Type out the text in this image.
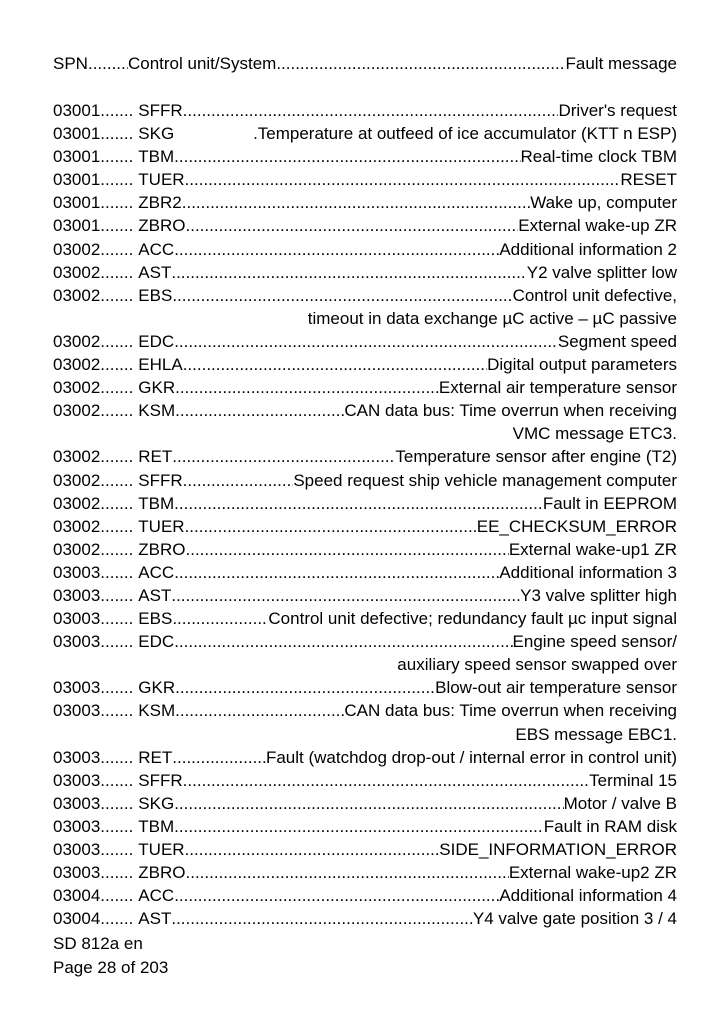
SPN ..... Control unit/System .....	Fault message
03001 ..... SFFR .....	Driver's request
03001 ..... SKG	.Temperature at outfeed of ice accumulator (KTT n ESP)
03001 ..... TBM .....	Real-time clock TBM
03001 ..... TUER .....	RESET
03001 ..... ZBR2 .....	Wake up, computer
03001 ..... ZBRO .....	External wake-up ZR
03002 ..... ACC .....	Additional information 2
03002 ..... AST .....	Y2 valve splitter low
03002 ..... EBS .....	Control unit defective,
timeout in data exchange µC active – µC passive
03002 ..... EDC .....	Segment speed
03002 ..... EHLA .....	Digital output parameters
03002 ..... GKR .....	External air temperature sensor
03002 ..... KSM .....	CAN data bus: Time overrun when receiving
VMC message ETC3.
03002 ..... RET .....	Temperature sensor after engine (T2)
03002 ..... SFFR .....	Speed request ship vehicle management computer
03002 ..... TBM .....	Fault in EEPROM
03002 ..... TUER .....	EE_CHECKSUM_ERROR
03002 ..... ZBRO .....	External wake-up1 ZR
03003 ..... ACC .....	Additional information 3
03003 ..... AST .....	Y3 valve splitter high
03003 ..... EBS .....	Control unit defective; redundancy fault µc input signal
03003 ..... EDC .....	Engine speed sensor/
auxiliary speed sensor swapped over
03003 ..... GKR .....	Blow-out air temperature sensor
03003 ..... KSM .....	CAN data bus: Time overrun when receiving
EBS message EBC1.
03003 ..... RET .....	Fault (watchdog drop-out / internal error in control unit)
03003 ..... SFFR .....	Terminal 15
03003 ..... SKG .....	Motor / valve B
03003 ..... TBM .....	Fault in RAM disk
03003 ..... TUER .....	SIDE_INFORMATION_ERROR
03003 ..... ZBRO .....	External wake-up2 ZR
03004 ..... ACC .....	Additional information 4
03004 ..... AST .....	Y4 valve gate position 3 / 4
SD 812a en
Page 28 of 203
